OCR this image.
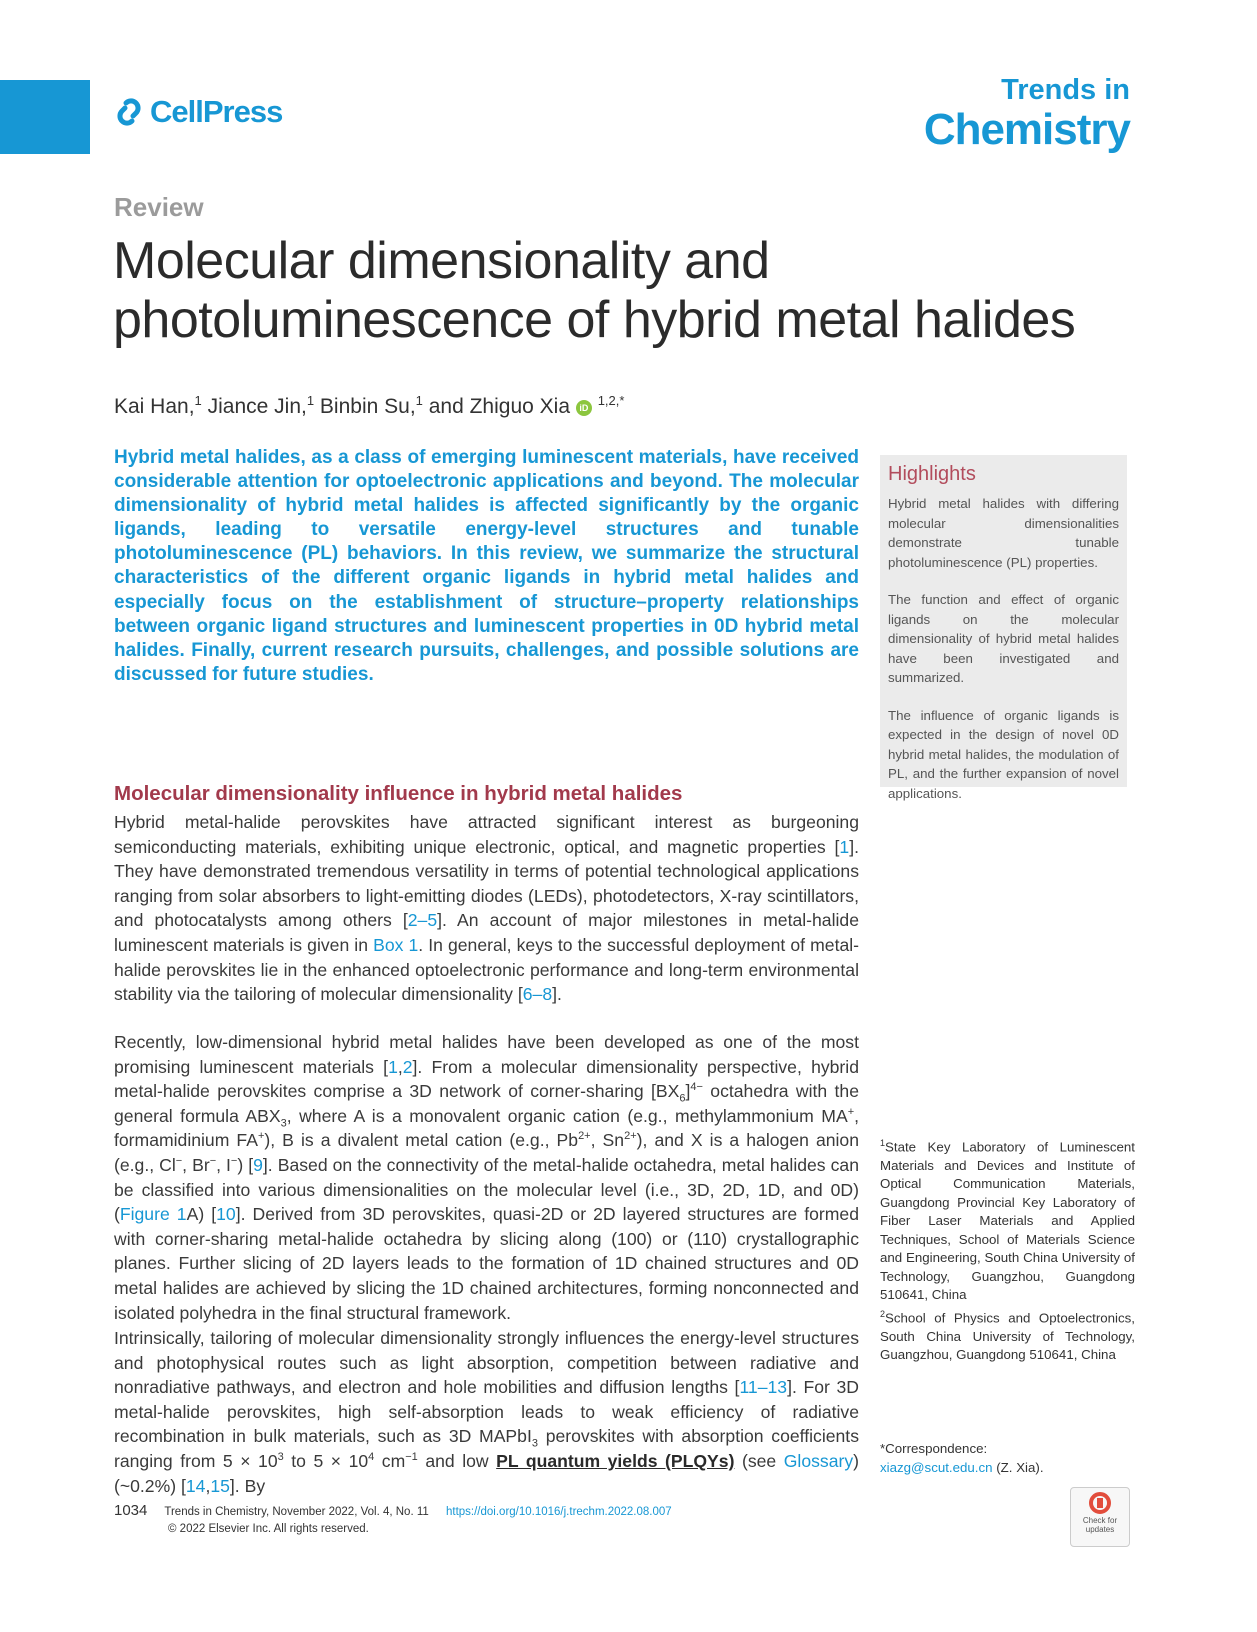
CellPress
Trends in
Chemistry
Review
Molecular dimensionality and
photoluminescence of hybrid metal halides
Kai Han,$^1$ Jiance Jin,$^1$ Binbin Su,$^1$ and Zhiguo Xia iD $^{1,2,*}$

Hybrid metal halides, as a class of emerging luminescent materials, have received considerable attention for optoelectronic applications and beyond. The molecular dimensionality of hybrid metal halides is affected significantly by the organic ligands, leading to versatile energy-level structures and tunable photoluminescence (PL) behaviors. In this review, we summarize the structural characteristics of the different organic ligands in hybrid metal halides and especially focus on the establishment of structure–property relationships between organic ligand structures and luminescent properties in 0D hybrid metal halides. Finally, current research pursuits, challenges, and possible solutions are discussed for future studies.

Highlights

Hybrid metal halides with differing molecular dimensionalities demonstrate tunable photoluminescence (PL) properties.

The function and effect of organic ligands on the molecular dimensionality of hybrid metal halides have been investigated and summarized.

The influence of organic ligands is expected in the design of novel 0D hybrid metal halides, the modulation of PL, and the further expansion of novel applications.

Molecular dimensionality influence in hybrid metal halides

Hybrid metal-halide perovskites have attracted significant interest as burgeoning semiconducting materials, exhibiting unique electronic, optical, and magnetic properties [1]. They have demonstrated tremendous versatility in terms of potential technological applications ranging from solar absorbers to light-emitting diodes (LEDs), photodetectors, X-ray scintillators, and photocatalysts among others [2–5]. An account of major milestones in metal-halide luminescent materials is given in Box 1. In general, keys to the successful deployment of metal-halide perovskites lie in the enhanced optoelectronic performance and long-term environmental stability via the tailoring of molecular dimensionality [6–8].

Recently, low-dimensional hybrid metal halides have been developed as one of the most promising luminescent materials [1,2]. From a molecular dimensionality perspective, hybrid metal-halide perovskites comprise a 3D network of corner-sharing $[BX_6]^{4-}$ octahedra with the general formula $ABX_3$, where A is a monovalent organic cation (e.g., methylammonium MA+, formamidinium FA+), B is a divalent metal cation (e.g., $Pb^{2+}$, $Sn^{2+}$), and X is a halogen anion (e.g., Cl−, Br−, I−) [9]. Based on the connectivity of the metal-halide octahedra, metal halides can be classified into various dimensionalities on the molecular level (i.e., 3D, 2D, 1D, and 0D) (Figure 1A) [10]. Derived from 3D perovskites, quasi-2D or 2D layered structures are formed with corner-sharing metal-halide octahedra by slicing along (100) or (110) crystallographic planes. Further slicing of 2D layers leads to the formation of 1D chained structures and 0D metal halides are achieved by slicing the 1D chained architectures, forming nonconnected and isolated polyhedra in the final structural framework.

Intrinsically, tailoring of molecular dimensionality strongly influences the energy-level structures and photophysical routes such as light absorption, competition between radiative and nonradiative pathways, and electron and hole mobilities and diffusion lengths [11–13]. For 3D metal-halide perovskites, high self-absorption leads to weak efficiency of radiative recombination in bulk materials, such as 3D MAPbI$_3$ perovskites with absorption coefficients ranging from $5 \times 10^3$ to $5 \times 10^4$ $cm^{-1}$ and low PL quantum yields (PLQYs) (see Glossary) (~0.2%) [14,15]. By

$^1$State Key Laboratory of Luminescent Materials and Devices and Institute of Optical Communication Materials, Guangdong Provincial Key Laboratory of Fiber Laser Materials and Applied Techniques, School of Materials Science and Engineering, South China University of Technology, Guangzhou, Guangdong 510641, China

$^2$School of Physics and Optoelectronics, South China University of Technology, Guangzhou, Guangdong 510641, China

*Correspondence:
xiazg@scut.edu.cn (Z. Xia).
1034 Trends in Chemistry, November 2022, Vol. 4, No. 11 https://doi.org/10.1016/j.trechm.2022.08.007
© 2022 Elsevier Inc. All rights reserved.
Check for
updates
